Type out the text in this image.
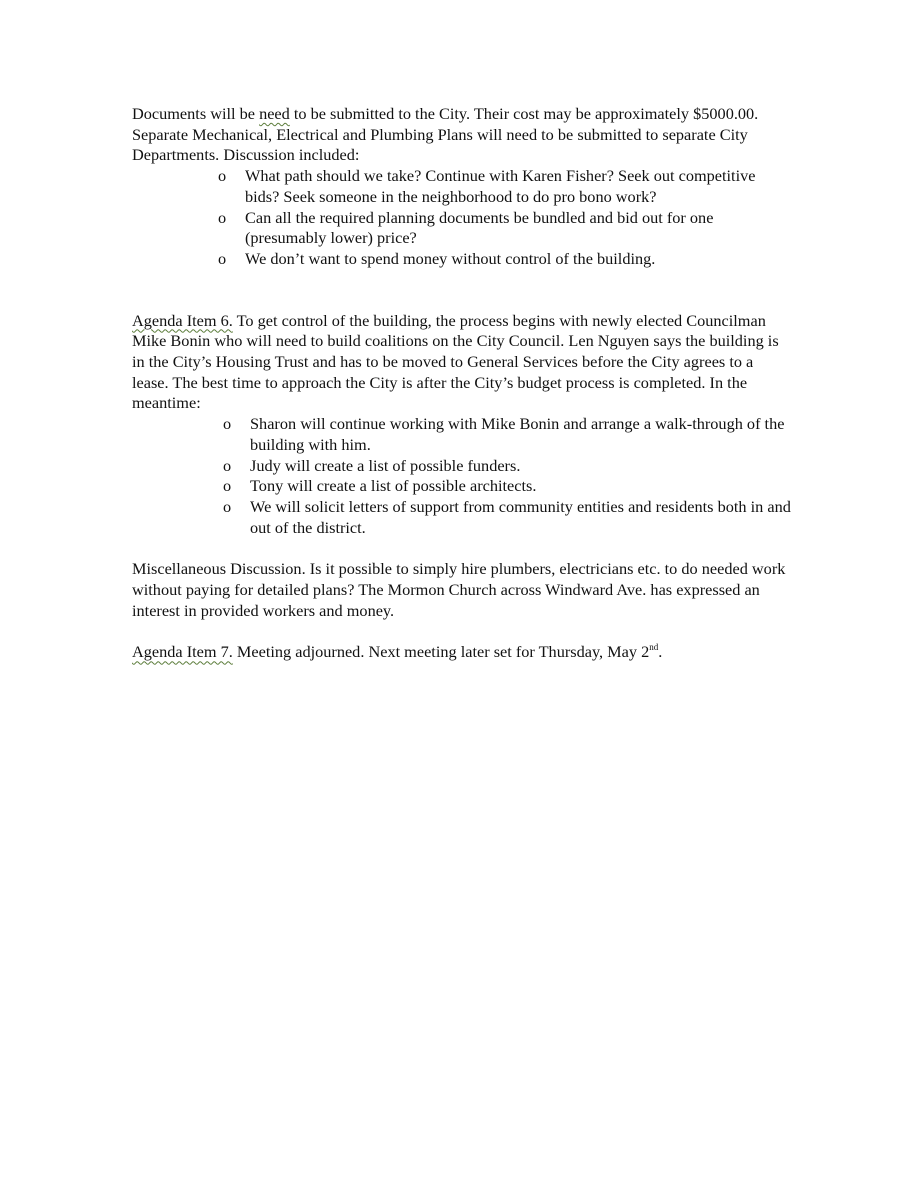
Documents will be need to be submitted to the City. Their cost may be approximately $5000.00. Separate Mechanical, Electrical and Plumbing Plans will need to be submitted to separate City Departments. Discussion included:

o What path should we take? Continue with Karen Fisher? Seek out competitive bids? Seek someone in the neighborhood to do pro bono work?
o Can all the required planning documents be bundled and bid out for one (presumably lower) price?
o We don’t want to spend money without control of the building.

Agenda Item 6. To get control of the building, the process begins with newly elected Councilman Mike Bonin who will need to build coalitions on the City Council. Len Nguyen says the building is in the City’s Housing Trust and has to be moved to General Services before the City agrees to a lease. The best time to approach the City is after the City’s budget process is completed. In the meantime:

o Sharon will continue working with Mike Bonin and arrange a walk-through of the building with him.
o Judy will create a list of possible funders.
o Tony will create a list of possible architects.
o We will solicit letters of support from community entities and residents both in and out of the district.

Miscellaneous Discussion. Is it possible to simply hire plumbers, electricians etc. to do needed work without paying for detailed plans? The Mormon Church across Windward Ave. has expressed an interest in provided workers and money.

Agenda Item 7. Meeting adjourned. Next meeting later set for Thursday, May 2nd.
